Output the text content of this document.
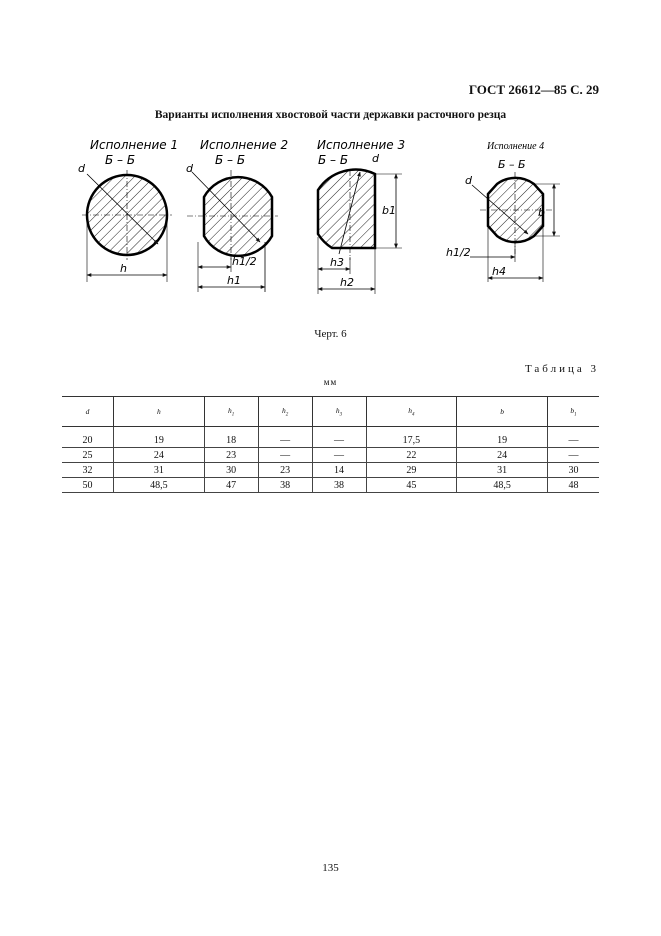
ГОСТ 26612—85 С. 29
Варианты исполнения хвостовой части державки расточного резца
Исполнение 1
Б – Б
d
h
Исполнение 2
Б – Б
d
h1/2
h1
Исполнение 3
Б – Б d
b1
h3
h2
Исполнение 4
Б – Б
d
b
h1/2
h4
Черт. 6
Таблица 3
мм
d	h	$h_1$	$h_2$	$h_3$	$h_4$	b	$b_1$
20	19	18	—	—	17,5	19	—
25	24	23	—	—	22	24	—
32	31	30	23	14	29	31	30
50	48,5	47	38	38	45	48,5	48
135
